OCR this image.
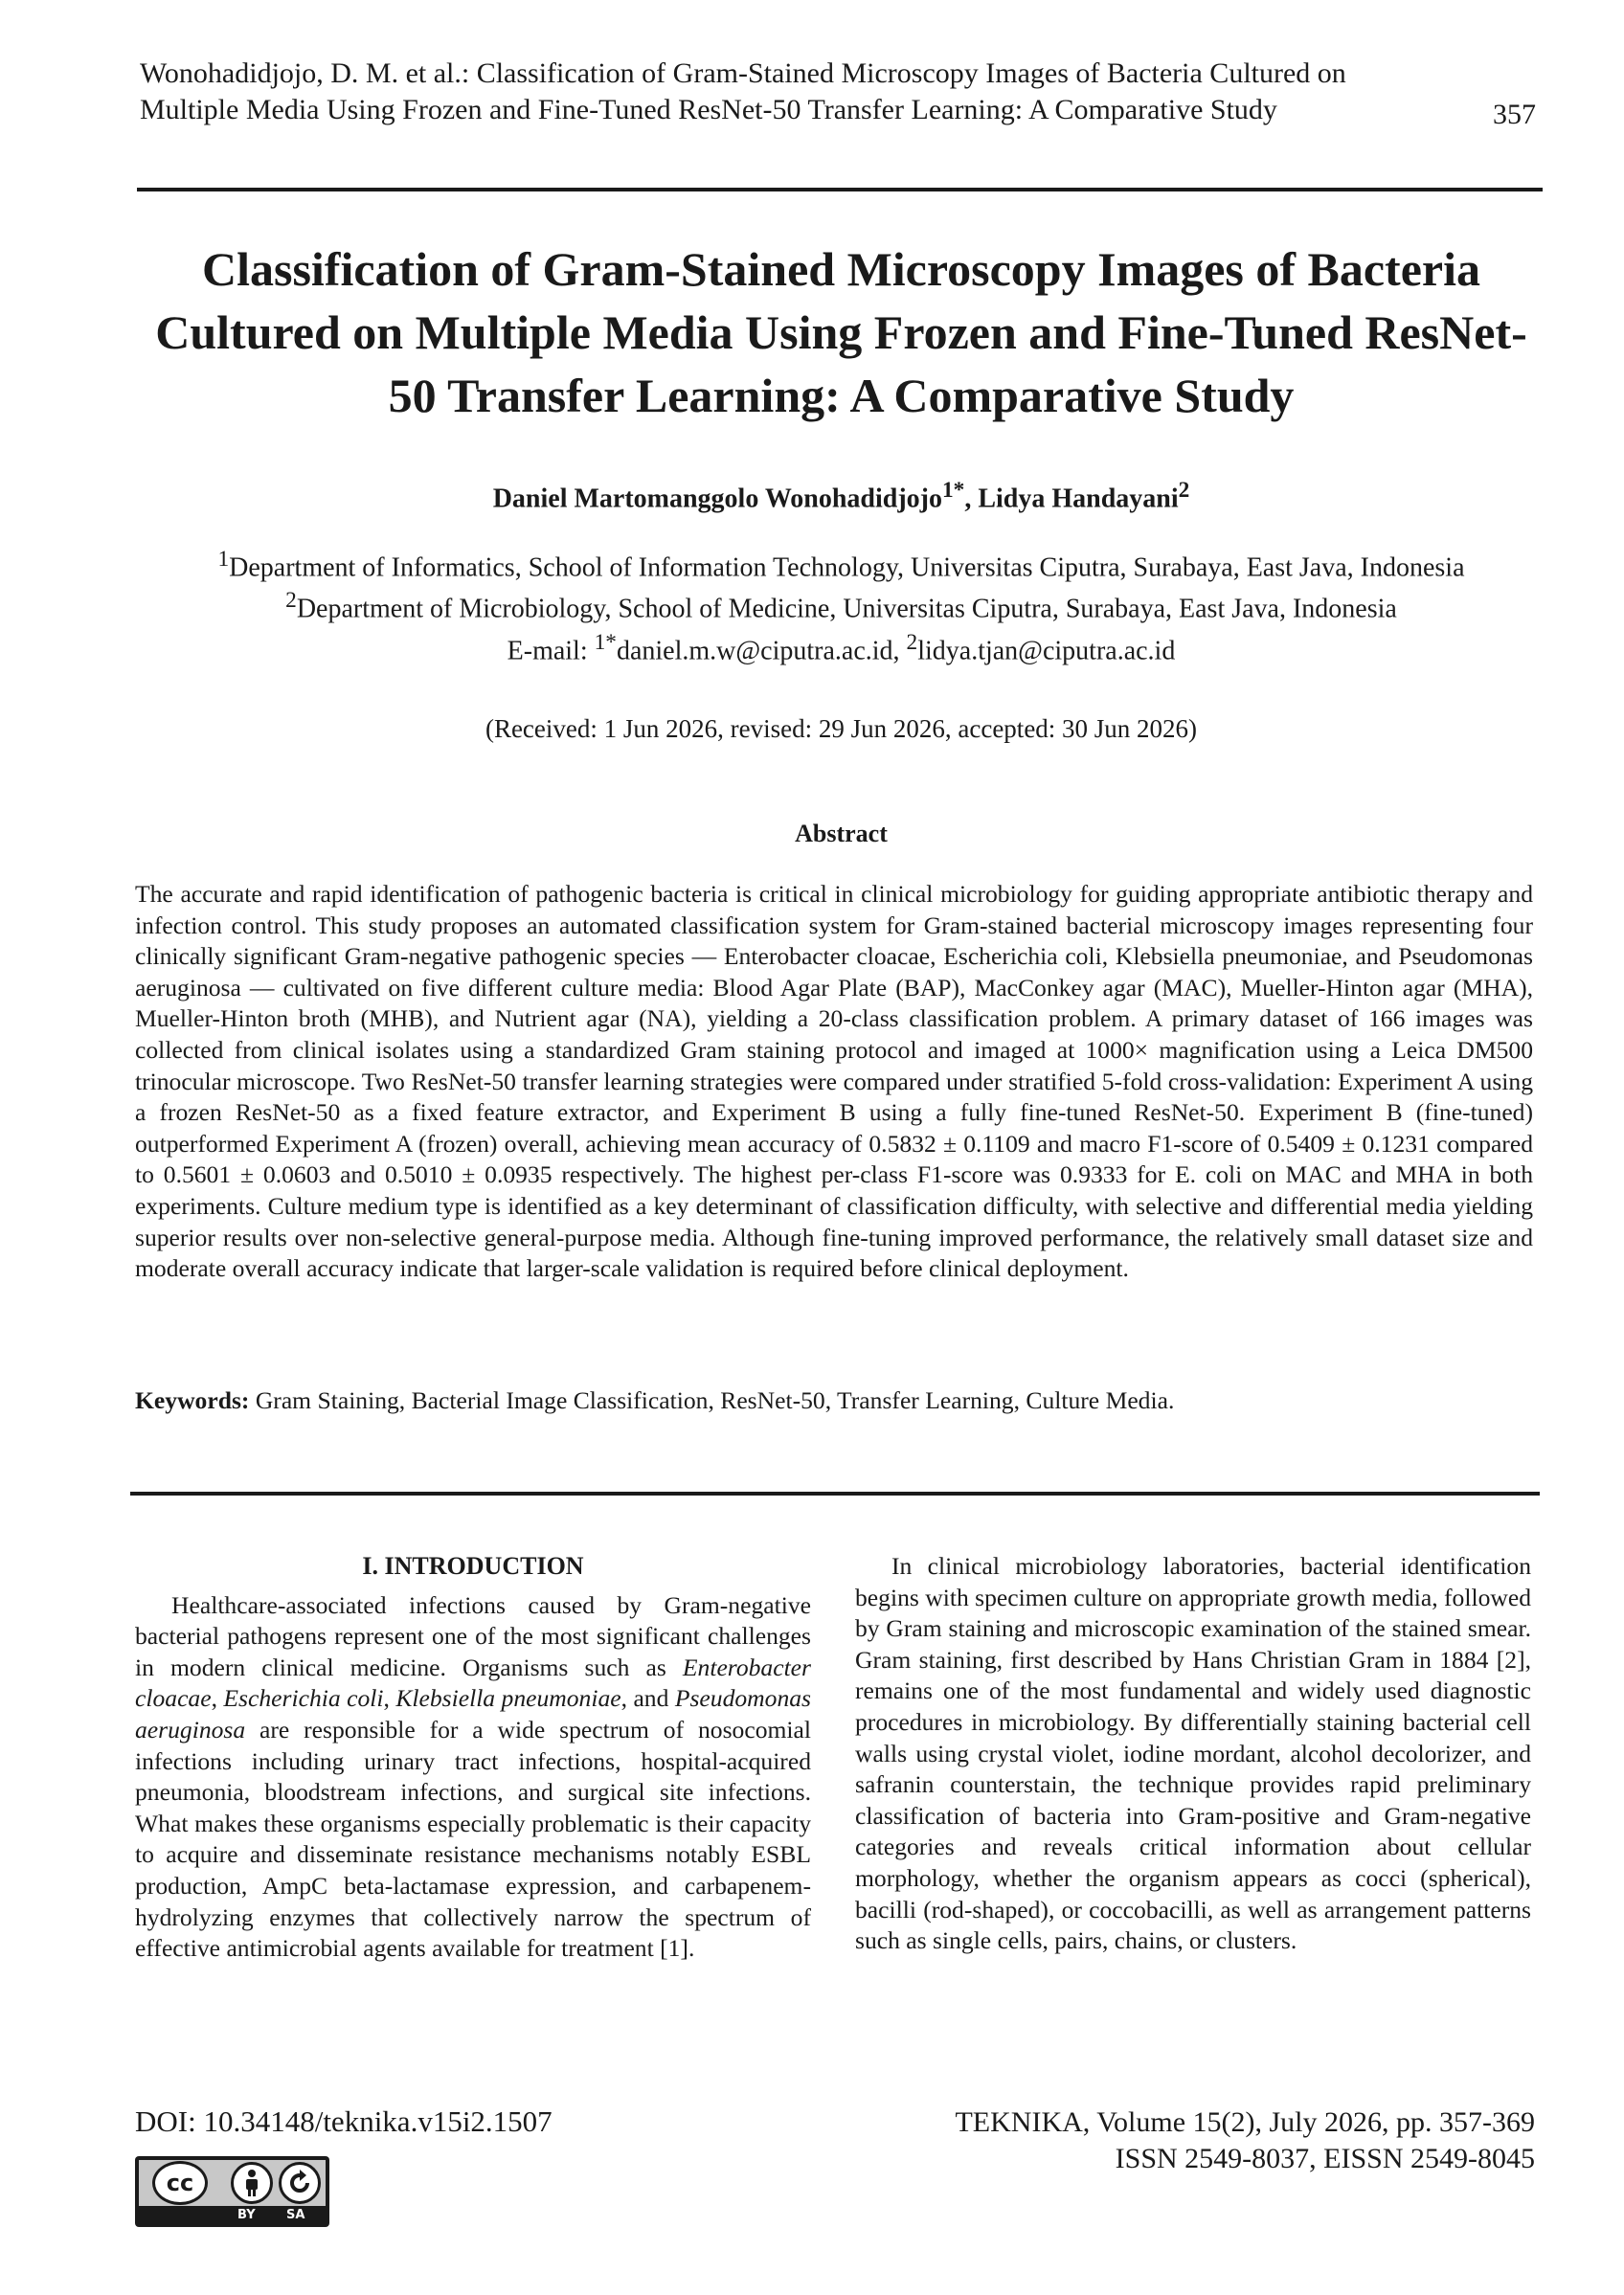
Wonohadidjojo, D. M. et al.: Classification of Gram-Stained Microscopy Images of Bacteria Cultured on Multiple Media Using Frozen and Fine-Tuned ResNet-50 Transfer Learning: A Comparative Study	357
Classification of Gram-Stained Microscopy Images of Bacteria Cultured on Multiple Media Using Frozen and Fine-Tuned ResNet-50 Transfer Learning: A Comparative Study
Daniel Martomanggolo Wonohadidjojo$^{1*}$, Lidya Handayani$^2$
$^1$Department of Informatics, School of Information Technology, Universitas Ciputra, Surabaya, East Java, Indonesia
$^2$Department of Microbiology, School of Medicine, Universitas Ciputra, Surabaya, East Java, Indonesia
E-mail: $^{1*}$daniel.m.w@ciputra.ac.id, $^2$lidya.tjan@ciputra.ac.id
(Received: 1 Jun 2026, revised: 29 Jun 2026, accepted: 30 Jun 2026)
Abstract
The accurate and rapid identification of pathogenic bacteria is critical in clinical microbiology for guiding appropriate antibiotic therapy and infection control. This study proposes an automated classification system for Gram-stained bacterial microscopy images representing four clinically significant Gram-negative pathogenic species — Enterobacter cloacae, Escherichia coli, Klebsiella pneumoniae, and Pseudomonas aeruginosa — cultivated on five different culture media: Blood Agar Plate (BAP), MacConkey agar (MAC), Mueller-Hinton agar (MHA), Mueller-Hinton broth (MHB), and Nutrient agar (NA), yielding a 20-class classification problem. A primary dataset of 166 images was collected from clinical isolates using a standardized Gram staining protocol and imaged at 1000× magnification using a Leica DM500 trinocular microscope. Two ResNet-50 transfer learning strategies were compared under stratified 5-fold cross-validation: Experiment A using a frozen ResNet-50 as a fixed feature extractor, and Experiment B using a fully fine-tuned ResNet-50. Experiment B (fine-tuned) outperformed Experiment A (frozen) overall, achieving mean accuracy of 0.5832 ± 0.1109 and macro F1-score of 0.5409 ± 0.1231 compared to 0.5601 ± 0.0603 and 0.5010 ± 0.0935 respectively. The highest per-class F1-score was 0.9333 for E. coli on MAC and MHA in both experiments. Culture medium type is identified as a key determinant of classification difficulty, with selective and differential media yielding superior results over non-selective general-purpose media. Although fine-tuning improved performance, the relatively small dataset size and moderate overall accuracy indicate that larger-scale validation is required before clinical deployment.
Keywords: Gram Staining, Bacterial Image Classification, ResNet-50, Transfer Learning, Culture Media.
I. INTRODUCTION

Healthcare-associated infections caused by Gram-negative bacterial pathogens represent one of the most significant challenges in modern clinical medicine. Organisms such as Enterobacter cloacae, Escherichia coli, Klebsiella pneumoniae, and Pseudomonas aeruginosa are responsible for a wide spectrum of nosocomial infections including urinary tract infections, hospital-acquired pneumonia, bloodstream infections, and surgical site infections. What makes these organisms especially problematic is their capacity to acquire and disseminate resistance mechanisms notably ESBL production, AmpC beta-lactamase expression, and carbapenem-hydrolyzing enzymes that collectively narrow the spectrum of effective antimicrobial agents available for treatment [1].

In clinical microbiology laboratories, bacterial identification begins with specimen culture on appropriate growth media, followed by Gram staining and microscopic examination of the stained smear. Gram staining, first described by Hans Christian Gram in 1884 [2], remains one of the most fundamental and widely used diagnostic procedures in microbiology. By differentially staining bacterial cell walls using crystal violet, iodine mordant, alcohol decolorizer, and safranin counterstain, the technique provides rapid preliminary classification of bacteria into Gram-positive and Gram-negative categories and reveals critical information about cellular morphology, whether the organism appears as cocci (spherical), bacilli (rod-shaped), or coccobacilli, as well as arrangement patterns such as single cells, pairs, chains, or clusters.

DOI: 10.34148/teknika.v15i2.1507	TEKNIKA, Volume 15(2), July 2026, pp. 357-369
ISSN 2549-8037, EISSN 2549-8045
cc
BY SA
